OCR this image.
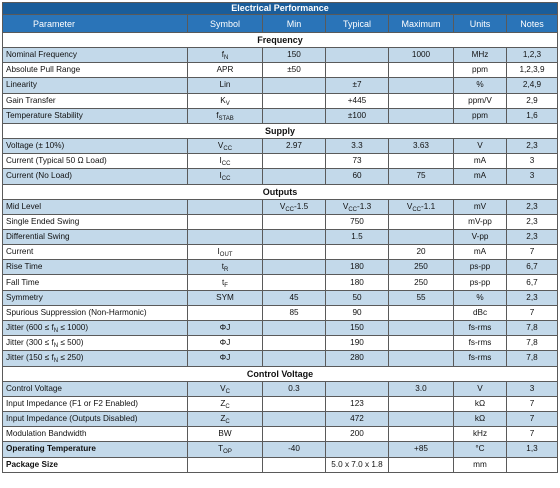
Electrical Performance						
Parameter	Symbol	Min	Typical	Maximum	Units	Notes
Frequency						
Nominal Frequency	$f_N$	150		1000	MHz	1,2,3
Absolute Pull Range	APR	±50			ppm	1,2,3,9
Linearity	Lin		±7		%	2,4,9
Gain Transfer	$K_V$		+445		ppm/V	2,9
Temperature Stability	$f_{STAB}$		±100		ppm	1,6
Supply						
Voltage (± 10%)	$V_{CC}$	2.97	3.3	3.63	V	2,3
Current (Typical 50 Ω Load)	$I_{CC}$		73		mA	3
Current (No Load)	$I_{CC}$		60	75	mA	3
Outputs						
Mid Level		$V_{CC}-1.5$	$V_{CC}-1.3$	$V_{CC}-1.1$	mV	2,3
Single Ended Swing			750		mV-pp	2,3
Differential Swing			1.5		V-pp	2,3
Current	$I_{OUT}$			20	mA	7
Rise Time	$t_R$		180	250	ps-pp	6,7
Fall Time	$t_F$		180	250	ps-pp	6,7
Symmetry	SYM	45	50	55	%	2,3
Spurious Suppression (Non-Harmonic)		85	90		dBc	7
Jitter $(600 \le f_N \le 1000)$	ΦJ		150		fs-rms	7,8
Jitter $(300 \le f_N \le 500)$	ΦJ		190		fs-rms	7,8
Jitter $(150 \le f_N \le 250)$	ΦJ		280		fs-rms	7,8
Control Voltage						
Control Voltage	$V_C$	0.3		3.0	V	3
Input Impedance (F1 or F2 Enabled)	$Z_C$		123		kΩ	7
Input Impedance (Outputs Disabled)	$Z_C$		472		kΩ	7
Modulation Bandwidth	BW		200		kHz	7
Operating Temperature	$T_{OP}$	-40		+85	°C	1,3
Package Size			5.0 x 7.0 x 1.8		mm	
